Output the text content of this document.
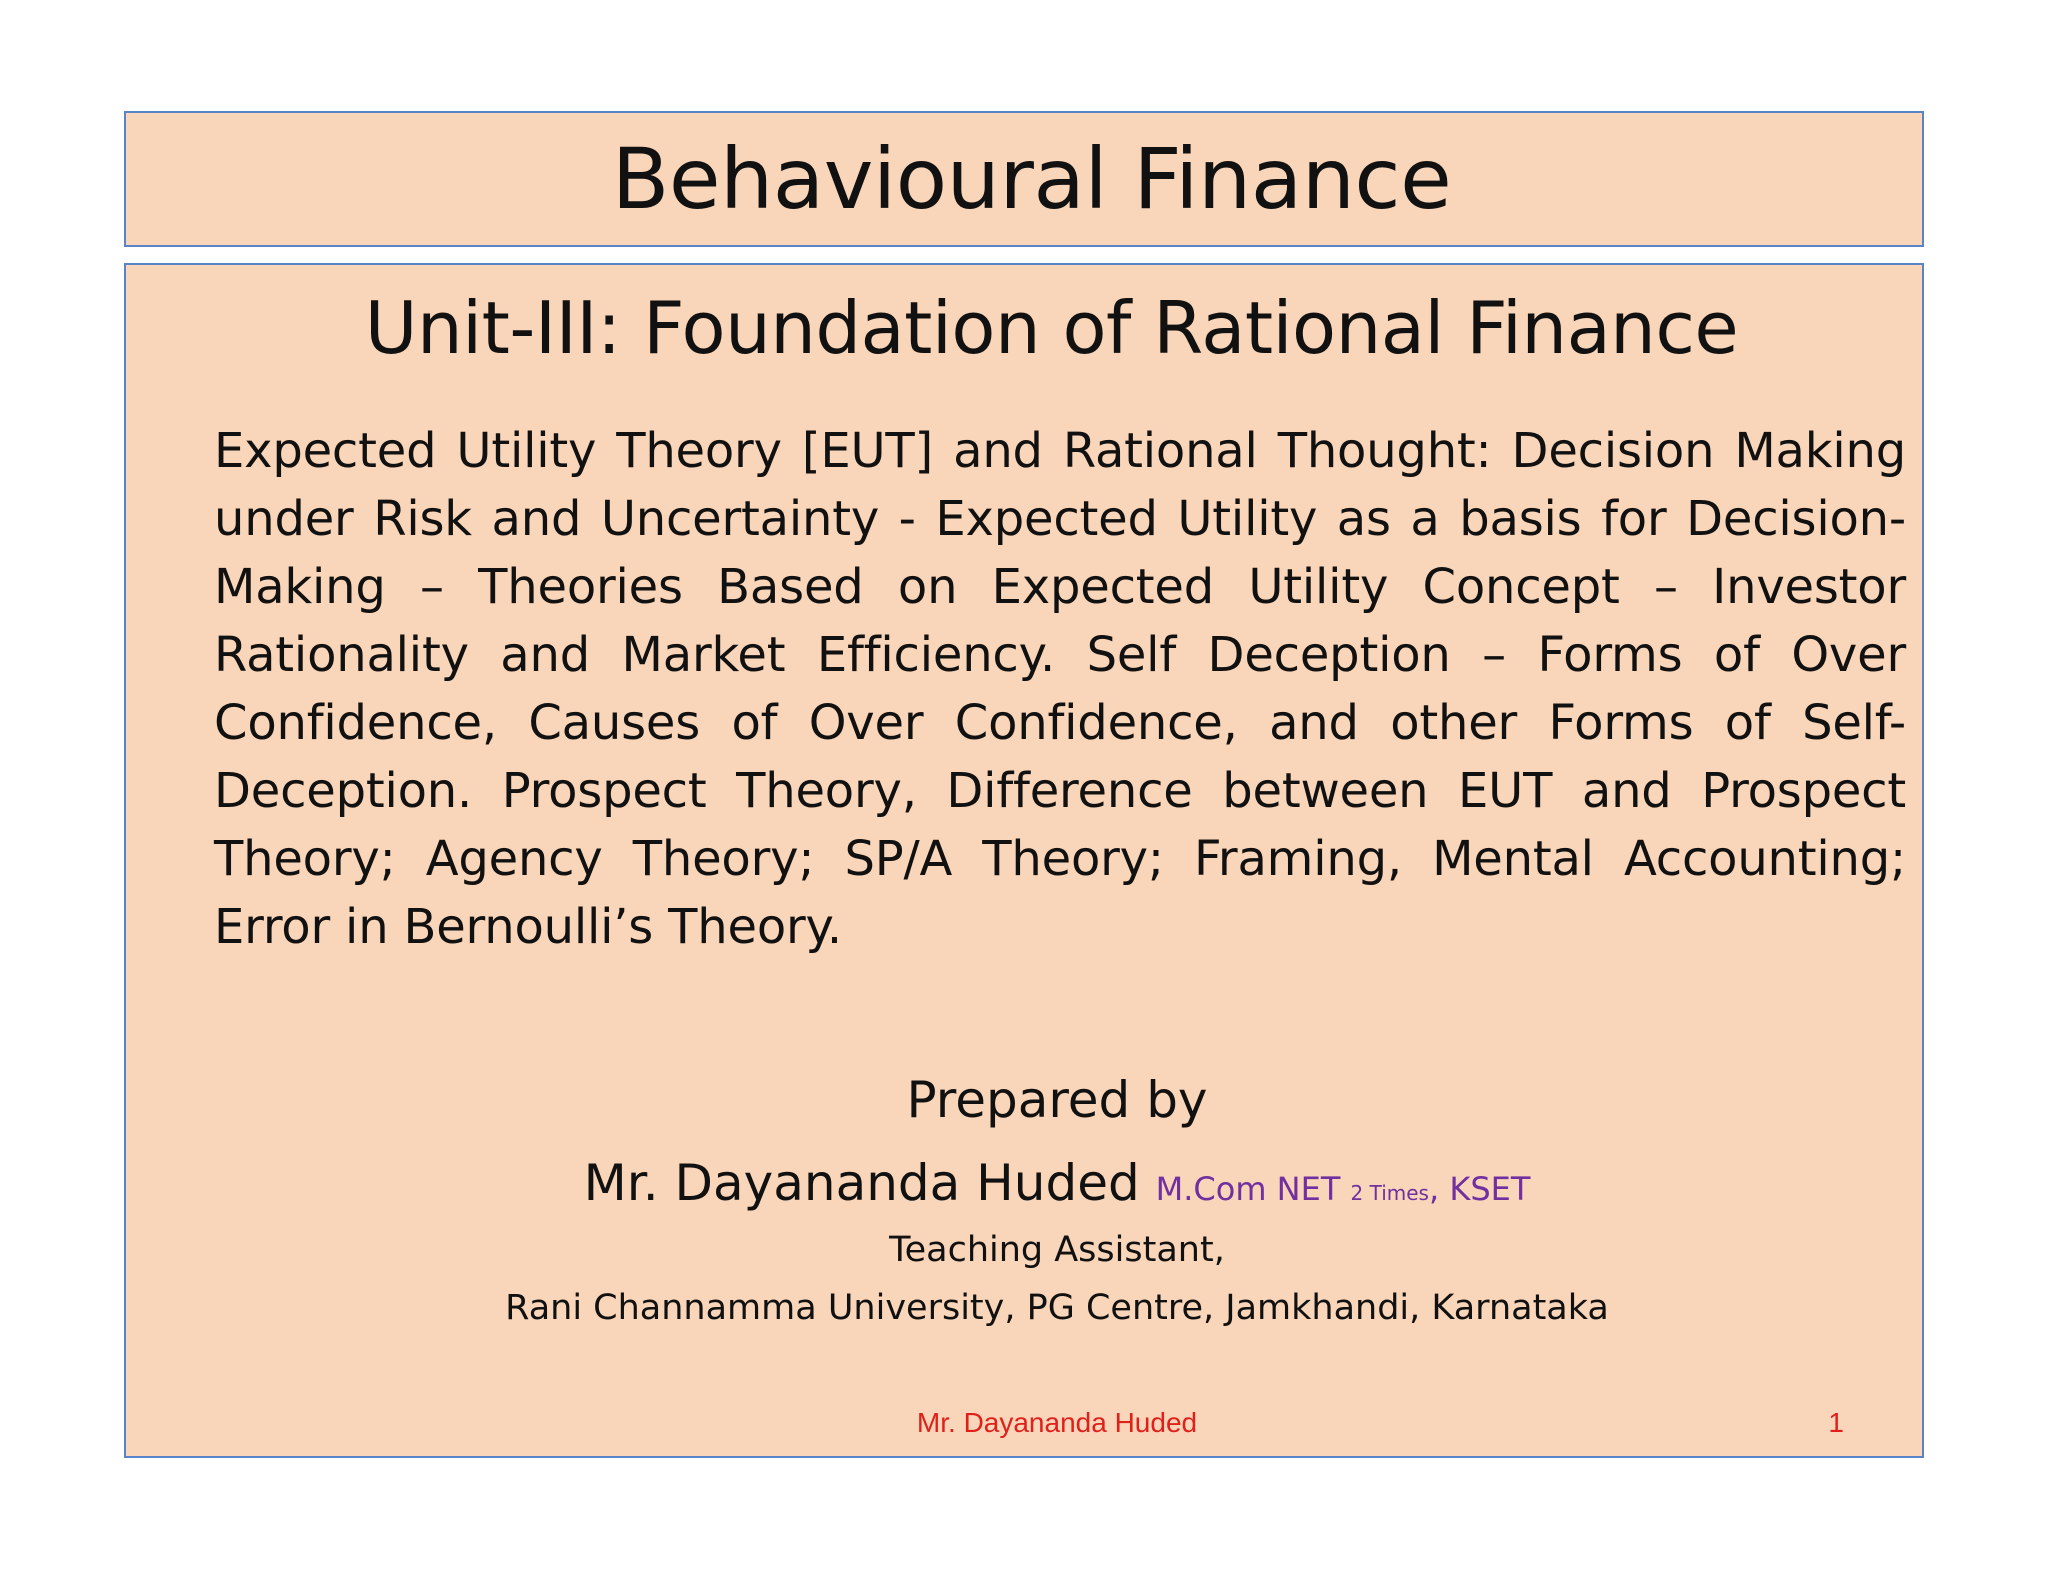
Behavioural Finance
Unit-III: Foundation of Rational Finance

Expected Utility Theory [EUT] and Rational Thought: Decision Making under Risk and Uncertainty - Expected Utility as a basis for Decision-Making – Theories Based on Expected Utility Concept – Investor Rationality and Market Efficiency. Self Deception – Forms of Over Confidence, Causes of Over Confidence, and other Forms of Self-Deception. Prospect Theory, Difference between EUT and Prospect Theory; Agency Theory; SP/A Theory; Framing, Mental Accounting; Error in Bernoulli’s Theory.

Prepared by
Mr. Dayananda Huded M.Com NET 2 Times, KSET
Teaching Assistant,
Rani Channamma University, PG Centre, Jamkhandi, Karnataka
Mr. Dayananda Huded	1
